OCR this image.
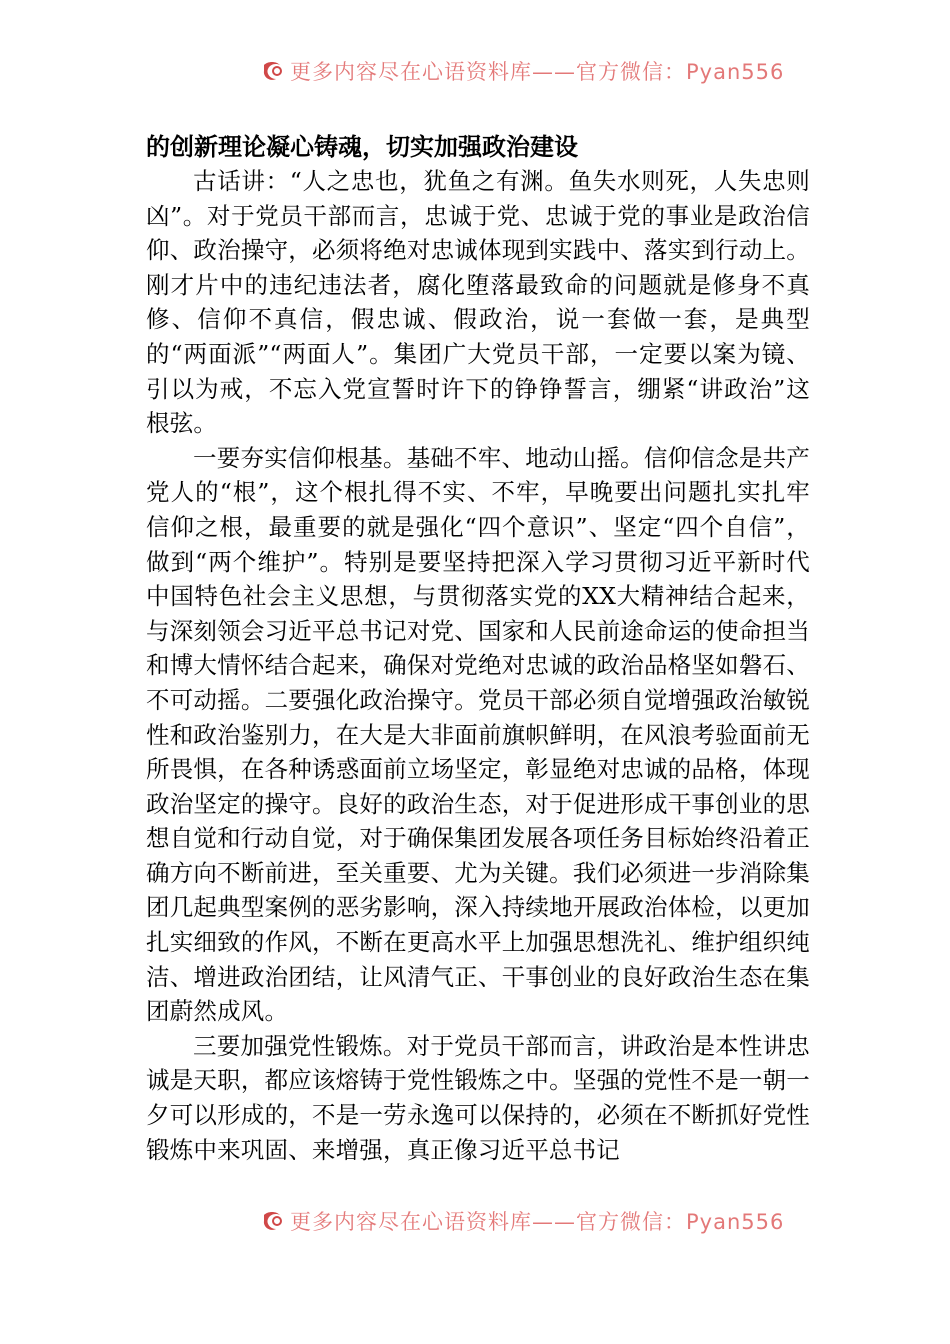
更多内容尽在心语资料库——官方微信：Pyan556

的创新理论凝心铸魂，切实加强政治建设

古话讲：“人之忠也，犹鱼之有渊。鱼失水则死，人失忠则凶”。对于党员干部而言，忠诚于党、忠诚于党的事业是政治信仰、政治操守，必须将绝对忠诚体现到实践中、落实到行动上。刚才片中的违纪违法者，腐化堕落最致命的问题就是修身不真修、信仰不真信，假忠诚、假政治，说一套做一套，是典型的“两面派”“两面人”。集团广大党员干部，一定要以案为镜、引以为戒，不忘入党宣誓时许下的铮铮誓言，绷紧“讲政治”这根弦。

一要夯实信仰根基。基础不牢、地动山摇。信仰信念是共产党人的“根”，这个根扎得不实、不牢，早晚要出问题扎实扎牢信仰之根，最重要的就是强化“四个意识”、坚定“四个自信”，做到“两个维护”。特别是要坚持把深入学习贯彻习近平新时代中国特色社会主义思想，与贯彻落实党的XX大精神结合起来，与深刻领会习近平总书记对党、国家和人民前途命运的使命担当和博大情怀结合起来，确保对党绝对忠诚的政治品格坚如磐石、不可动摇。二要强化政治操守。党员干部必须自觉增强政治敏锐性和政治鉴别力，在大是大非面前旗帜鲜明，在风浪考验面前无所畏惧，在各种诱惑面前立场坚定，彰显绝对忠诚的品格，体现政治坚定的操守。良好的政治生态，对于促进形成干事创业的思想自觉和行动自觉，对于确保集团发展各项任务目标始终沿着正确方向不断前进，至关重要、尤为关键。我们必须进一步消除集团几起典型案例的恶劣影响，深入持续地开展政治体检，以更加扎实细致的作风，不断在更高水平上加强思想洗礼、维护组织纯洁、增进政治团结，让风清气正、干事创业的良好政治生态在集团蔚然成风。

三要加强党性锻炼。对于党员干部而言，讲政治是本性讲忠诚是天职，都应该熔铸于党性锻炼之中。坚强的党性不是一朝一夕可以形成的，不是一劳永逸可以保持的，必须在不断抓好党性锻炼中来巩固、来增强，真正像习近平总书记

更多内容尽在心语资料库——官方微信：Pyan556
